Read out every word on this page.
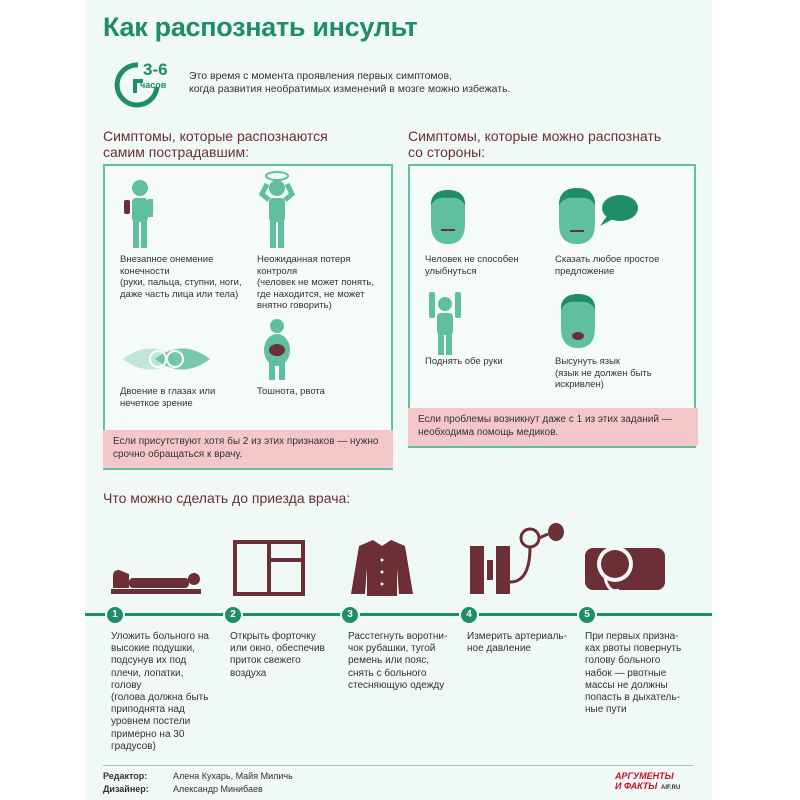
Как распознать инсульт
3-6
часов
Это время с момента проявления первых симптомов,
когда развития необратимых изменений в мозге можно избежать.
Симптомы, которые распознаются
самим пострадавшим:
Внезапное онемение
конечности
(руки, пальца, ступни, ноги,
даже часть лица или тела)
Неожиданная потеря
контроля
(человек не может понять,
где находится, не может
внятно говорить)
Двоение в глазах или
нечеткое зрение
Тошнота, рвота
Если присутствуют хотя бы 2 из этих признаков — нужно
срочно обращаться к врачу.
Симптомы, которые можно распознать
со стороны:
Человек не способен
улыбнуться
Сказать любое простое
предложение
Поднять обе руки	Высунуть язык
(язык не должен быть
искривлен)
Если проблемы возникнут даже с 1 из этих заданий —
необходима помощь медиков.
Что можно сделать до приезда врача:
1	2	3	4	5
Уложить больного на
высокие подушки,
подсунув их под
плечи, лопатки,
голову
(голова должна быть
приподнята над
уровнем постели
примерно на 30
градусов)
Открыть форточку
или окно, обеспечив
приток свежего
воздуха
Расстегнуть воротни-
чок рубашки, тугой
ремень или пояс,
снять с больного
стесняющую одежду
Измерить артериаль-
ное давление
При первых призна-
ках рвоты повернуть
голову больного
набок — рвотные
массы не должны
попасть в дыхатель-
ные пути
Редактор:	Алена Кухарь, Майя Миличь
Дизайнер:	Александр Минибаев
АРГУМЕНТЫ
И ФАКТЫ AIF.RU
